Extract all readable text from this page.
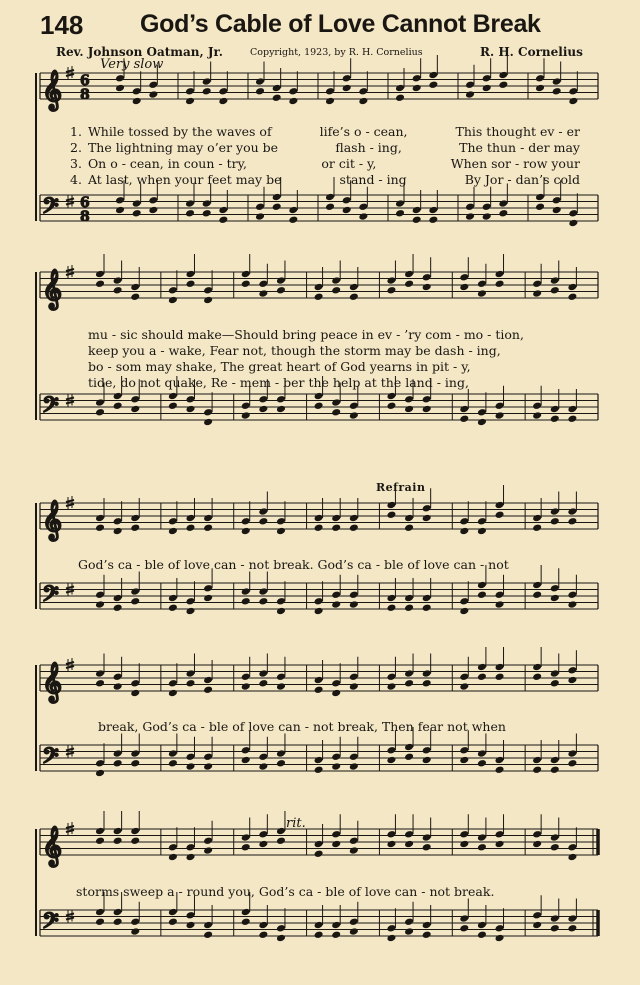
148 God’s Cable of Love Cannot Break
Rev. Johnson Oatman, Jr.	Copyright, 1923, by R. H. Cornelius	R. H. Cornelius
Very slow
Refrain
rit.
1. While tossed by the waves of	life’s o - cean,	This thought ev - er
2. The lightning may o’er you be	flash - ing,	The thun - der may
3. On o - cean, in coun - try,	or cit - y,	When sor - row your
4. At last, when your feet may be	stand - ing	By Jor - dan’s cold
mu - sic should make—Should bring peace in ev - ’ry com - mo - tion,
keep you a - wake, Fear not, though the storm may be dash - ing,
bo - som may shake, The great heart of God yearns in pit - y,
tide, do not quake, Re - mem - ber the help at the land - ing,
God’s ca - ble of love can - not break. God’s ca - ble of love can - not
break, God’s ca - ble of love can - not break, Then fear not when
storms sweep a - round you, God’s ca - ble of love can - not break.
𝄞 6
8
𝄢 6
8
𝄞
𝄢
𝄞
𝄢
𝄞
𝄢
𝄞
𝄢
